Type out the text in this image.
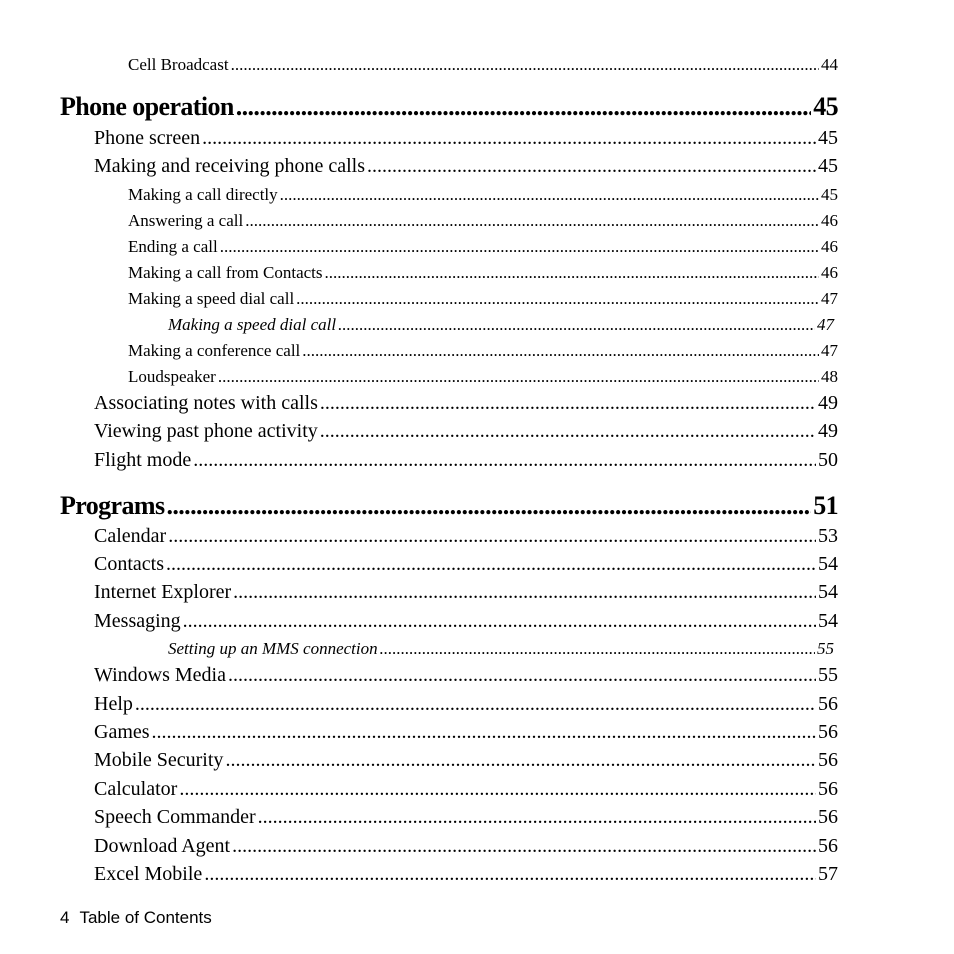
Cell Broadcast .....	44
Phone operation .....	45
Phone screen .....	45
Making and receiving phone calls .....	45
Making a call directly .....	45
Answering a call .....	46
Ending a call .....	46
Making a call from Contacts .....	46
Making a speed dial call .....	47
Making a speed dial call .....	47
Making a conference call .....	47
Loudspeaker .....	48
Associating notes with calls .....	49
Viewing past phone activity .....	49
Flight mode .....	50
Programs .....	51
Calendar .....	53
Contacts .....	54
Internet Explorer .....	54
Messaging .....	54
Setting up an MMS connection .....	55
Windows Media .....	55
Help .....	56
Games .....	56
Mobile Security .....	56
Calculator .....	56
Speech Commander .....	56
Download Agent .....	56
Excel Mobile .....	57
4 Table of Contents
